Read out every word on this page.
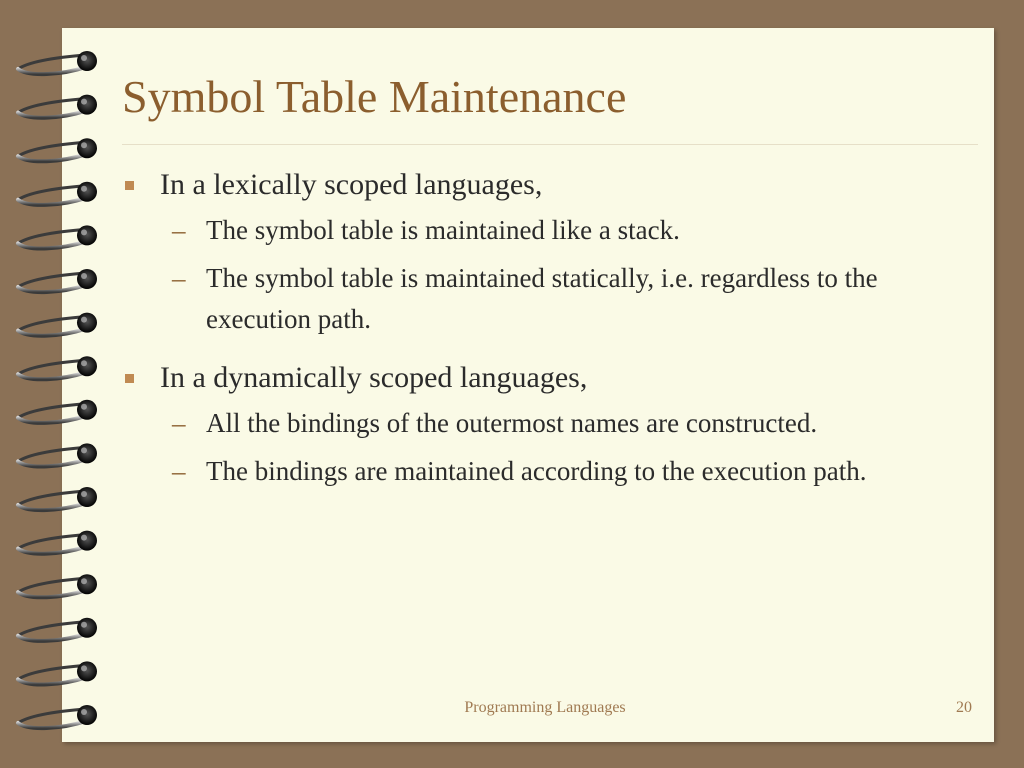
Symbol Table Maintenance
In a lexically scoped languages,
– The symbol table is maintained like a stack.
– The symbol table is maintained statically, i.e. regardless to the execution path.
In a dynamically scoped languages,
– All the bindings of the outermost names are constructed.
– The bindings are maintained according to the execution path.
Programming Languages	20
